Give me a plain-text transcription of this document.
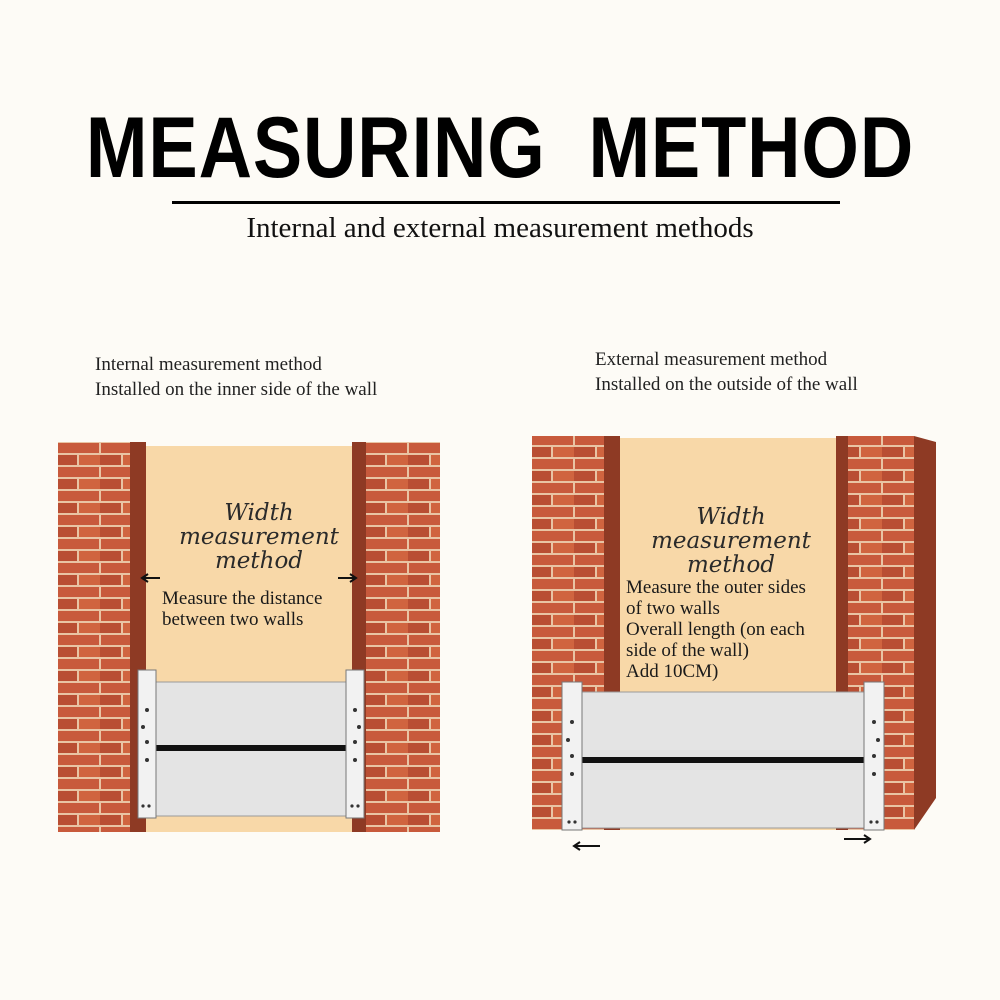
MEASURING  METHOD
Internal and external measurement methods
Internal measurement method
Installed on the inner side of the wall
External measurement method
Installed on the outside of the wall
Width measurement
method
Measure the distance
between two walls
Width measurement
method
Measure the outer sides
of two walls
Overall length (on each
side of the wall)
Add 10CM)
